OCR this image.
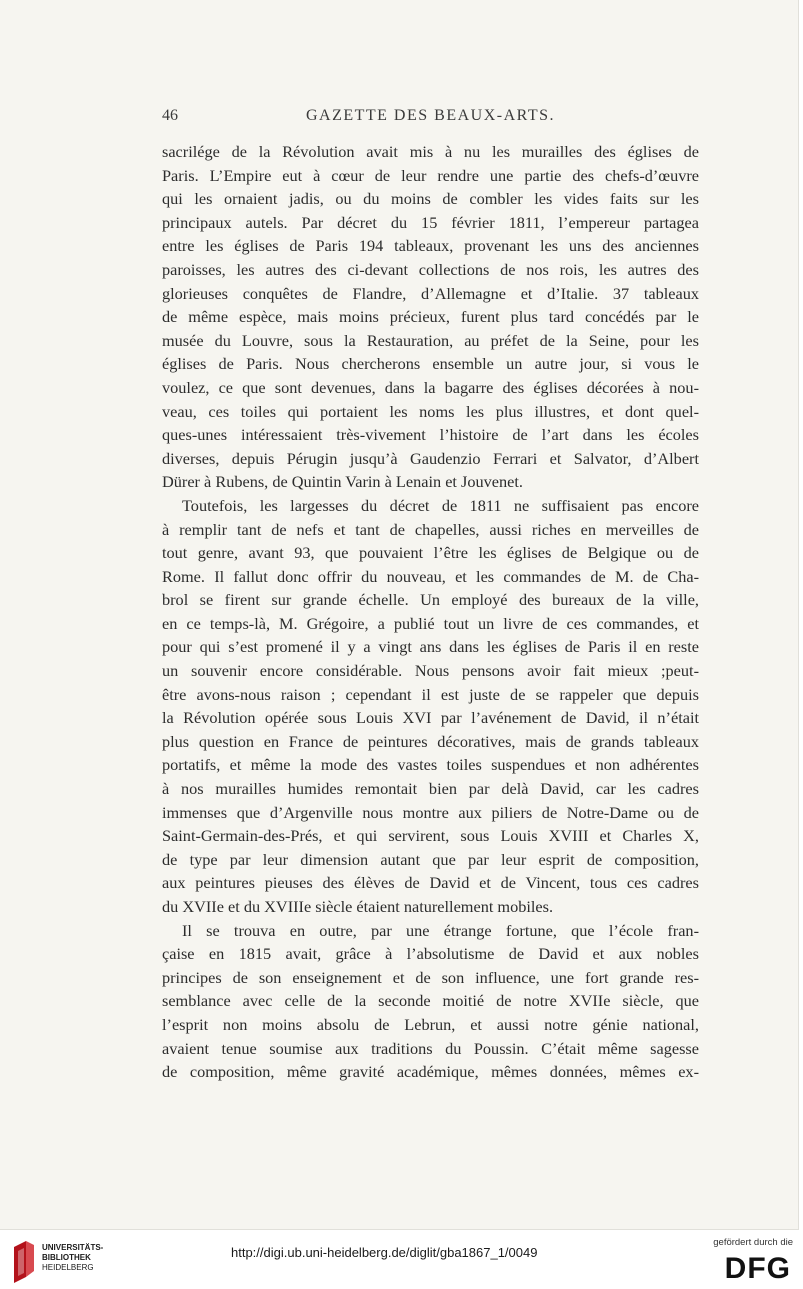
46	GAZETTE DES BEAUX-ARTS.
sacrilége de la Révolution avait mis à nu les murailles des églises de
Paris. L’Empire eut à cœur de leur rendre une partie des chefs-d’œuvre
qui les ornaient jadis, ou du moins de combler les vides faits sur les
principaux autels. Par décret du 15 février 1811, l’empereur partagea
entre les églises de Paris 194 tableaux, provenant les uns des anciennes
paroisses, les autres des ci-devant collections de nos rois, les autres des
glorieuses conquêtes de Flandre, d’Allemagne et d’Italie. 37 tableaux
de même espèce, mais moins précieux, furent plus tard concédés par le
musée du Louvre, sous la Restauration, au préfet de la Seine, pour les
églises de Paris. Nous chercherons ensemble un autre jour, si vous le
voulez, ce que sont devenues, dans la bagarre des églises décorées à nou-
veau, ces toiles qui portaient les noms les plus illustres, et dont quel-
ques-unes intéressaient très-vivement l’histoire de l’art dans les écoles
diverses, depuis Pérugin jusqu’à Gaudenzio Ferrari et Salvator, d’Albert
Dürer à Rubens, de Quintin Varin à Lenain et Jouvenet.
Toutefois, les largesses du décret de 1811 ne suffisaient pas encore
à remplir tant de nefs et tant de chapelles, aussi riches en merveilles de
tout genre, avant 93, que pouvaient l’être les églises de Belgique ou de
Rome. Il fallut donc offrir du nouveau, et les commandes de M. de Cha-
brol se firent sur grande échelle. Un employé des bureaux de la ville,
en ce temps-là, M. Grégoire, a publié tout un livre de ces commandes, et
pour qui s’est promené il y a vingt ans dans les églises de Paris il en reste
un souvenir encore considérable. Nous pensons avoir fait mieux ;peut-
être avons-nous raison ; cependant il est juste de se rappeler que depuis
la Révolution opérée sous Louis XVI par l’avénement de David, il n’était
plus question en France de peintures décoratives, mais de grands tableaux
portatifs, et même la mode des vastes toiles suspendues et non adhérentes
à nos murailles humides remontait bien par delà David, car les cadres
immenses que d’Argenville nous montre aux piliers de Notre-Dame ou de
Saint-Germain-des-Prés, et qui servirent, sous Louis XVIII et Charles X,
de type par leur dimension autant que par leur esprit de composition,
aux peintures pieuses des élèves de David et de Vincent, tous ces cadres
du XVIIe et du XVIIIe siècle étaient naturellement mobiles.
Il se trouva en outre, par une étrange fortune, que l’école fran-
çaise en 1815 avait, grâce à l’absolutisme de David et aux nobles
principes de son enseignement et de son influence, une fort grande res-
semblance avec celle de la seconde moitié de notre XVIIe siècle, que
l’esprit non moins absolu de Lebrun, et aussi notre génie national,
avaient tenue soumise aux traditions du Poussin. C’était même sagesse
de composition, même gravité académique, mêmes données, mêmes ex-
UNIVERSITÄTS-
BIBLIOTHEK
HEIDELBERG
http://digi.ub.uni-heidelberg.de/diglit/gba1867_1/0049
gefördert durch die
DFG
